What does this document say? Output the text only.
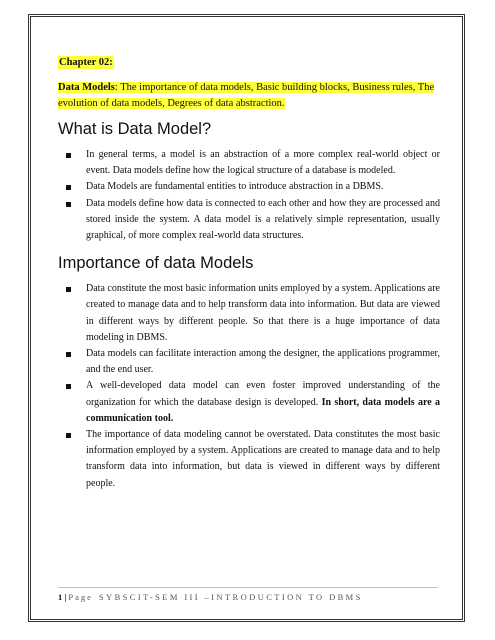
Chapter 02:

Data Models: The importance of data models, Basic building blocks, Business rules, The evolution of data models, Degrees of data abstraction.

What is Data Model?
In general terms, a model is an abstraction of a more complex real-world object or event. Data models define how the logical structure of a database is modeled.
Data Models are fundamental entities to introduce abstraction in a DBMS.
Data models define how data is connected to each other and how they are processed and stored inside the system. A data model is a relatively simple representation, usually graphical, of more complex real-world data structures.
Importance of data Models
Data constitute the most basic information units employed by a system. Applications are created to manage data and to help transform data into information. But data are viewed in different ways by different people. So that there is a huge importance of data modeling in DBMS.
Data models can facilitate interaction among the designer, the applications programmer, and the end user.
A well-developed data model can even foster improved understanding of the organization for which the database design is developed. In short, data models are a communication tool.
The importance of data modeling cannot be overstated. Data constitutes the most basic information employed by a system. Applications are created to manage data and to help transform data into information, but data is viewed in different ways by different people.
1 | Page SYBSCIT-SEM III –INTRODUCTION TO DBMS
